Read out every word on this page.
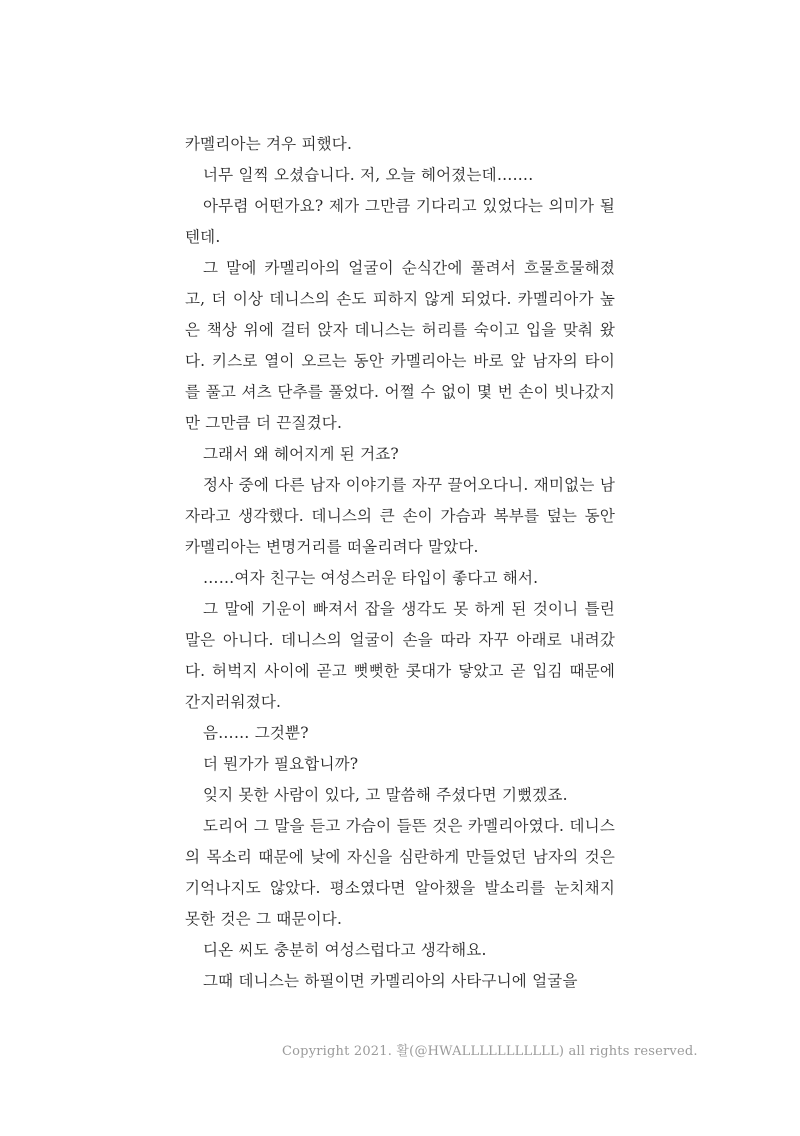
카멜리아는 겨우 피했다.

너무 일찍 오셨습니다. 저, 오늘 헤어졌는데…….

아무렴 어떤가요? 제가 그만큼 기다리고 있었다는 의미가 될 텐데.

그 말에 카멜리아의 얼굴이 순식간에 풀려서 흐물흐물해졌고, 더 이상 데니스의 손도 피하지 않게 되었다. 카멜리아가 높은 책상 위에 걸터 앉자 데니스는 허리를 숙이고 입을 맞춰 왔다. 키스로 열이 오르는 동안 카멜리아는 바로 앞 남자의 타이를 풀고 셔츠 단추를 풀었다. 어쩔 수 없이 몇 번 손이 빗나갔지만 그만큼 더 끈질겼다.

그래서 왜 헤어지게 된 거죠?

정사 중에 다른 남자 이야기를 자꾸 끌어오다니. 재미없는 남자라고 생각했다. 데니스의 큰 손이 가슴과 복부를 덮는 동안 카멜리아는 변명거리를 떠올리려다 말았다.

……여자 친구는 여성스러운 타입이 좋다고 해서.

그 말에 기운이 빠져서 잡을 생각도 못 하게 된 것이니 틀린 말은 아니다. 데니스의 얼굴이 손을 따라 자꾸 아래로 내려갔다. 허벅지 사이에 곧고 뻣뻣한 콧대가 닿았고 곧 입김 때문에 간지러워졌다.

음…… 그것뿐?

더 뭔가가 필요합니까?

잊지 못한 사람이 있다, 고 말씀해 주셨다면 기뻤겠죠.

도리어 그 말을 듣고 가슴이 들뜬 것은 카멜리아였다. 데니스의 목소리 때문에 낮에 자신을 심란하게 만들었던 남자의 것은 기억나지도 않았다. 평소였다면 알아챘을 발소리를 눈치채지 못한 것은 그 때문이다.

디온 씨도 충분히 여성스럽다고 생각해요.

그때 데니스는 하필이면 카멜리아의 사타구니에 얼굴을

Copyright 2021. 활(@HWALLLLLLLLLLL) all rights reserved.
